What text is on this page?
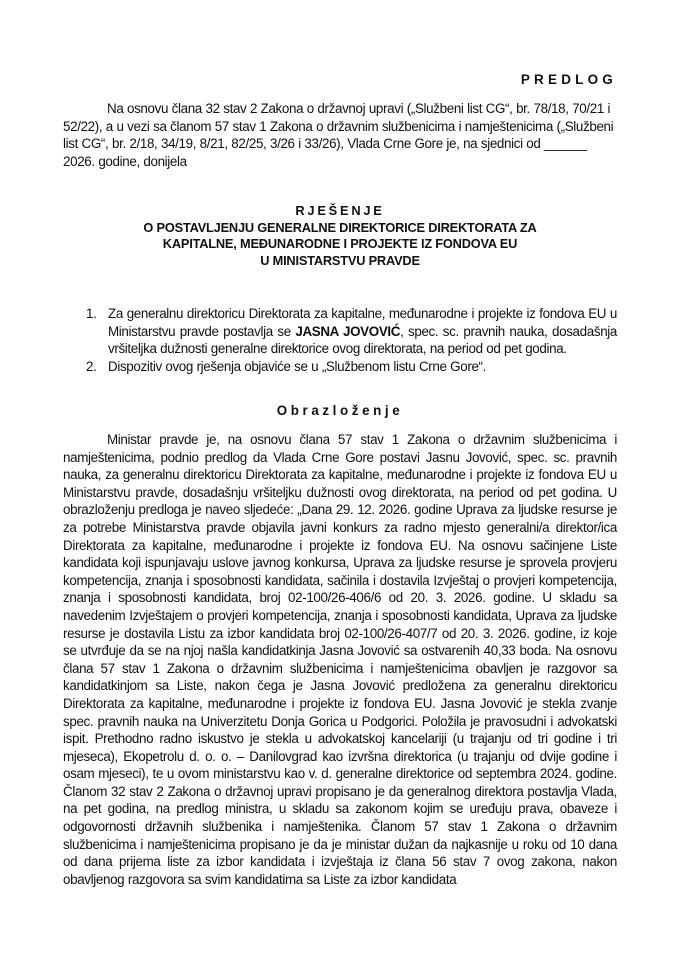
PREDLOG

Na osnovu člana 32 stav 2 Zakona o državnoj upravi („Službeni list CG“, br. 78/18, 70/21 i 52/22), a u vezi sa članom 57 stav 1 Zakona o državnim službenicima i namještenicima („Službeni list CG“, br. 2/18, 34/19, 8/21, 82/25, 3/26 i 33/26), Vlada Crne Gore je, na sjednici od ______ 2026. godine, donijela

RJEŠENJE
O POSTAVLJENJU GENERALNE DIREKTORICE DIREKTORATA ZA
KAPITALNE, MEĐUNARODNE I PROJEKTE IZ FONDOVA EU
U MINISTARSTVU PRAVDE
1. Za generalnu direktoricu Direktorata za kapitalne, međunarodne i projekte iz fondova EU u Ministarstvu pravde postavlja se JASNA JOVOVIĆ, spec. sc. pravnih nauka, dosadašnja vršiteljka dužnosti generalne direktorice ovog direktorata, na period od pet godina.
2. Dispozitiv ovog rješenja objaviće se u „Službenom listu Crne Gore“.
Obrazloženje

Ministar pravde je, na osnovu člana 57 stav 1 Zakona o državnim službenicima i namještenicima, podnio predlog da Vlada Crne Gore postavi Jasnu Jovović, spec. sc. pravnih nauka, za generalnu direktoricu Direktorata za kapitalne, međunarodne i projekte iz fondova EU u Ministarstvu pravde, dosadašnju vršiteljku dužnosti ovog direktorata, na period od pet godina. U obrazloženju predloga je naveo sljedeće: „Dana 29. 12. 2026. godine Uprava za ljudske resurse je za potrebe Ministarstva pravde objavila javni konkurs za radno mjesto generalni/a direktor/ica Direktorata za kapitalne, međunarodne i projekte iz fondova EU. Na osnovu sačinjene Liste kandidata koji ispunjavaju uslove javnog konkursa, Uprava za ljudske resurse je sprovela provjeru kompetencija, znanja i sposobnosti kandidata, sačinila i dostavila Izvještaj o provjeri kompetencija, znanja i sposobnosti kandidata, broj 02-100/26-406/6 od 20. 3. 2026. godine. U skladu sa navedenim Izvještajem o provjeri kompetencija, znanja i sposobnosti kandidata, Uprava za ljudske resurse je dostavila Listu za izbor kandidata broj 02-100/26-407/7 od 20. 3. 2026. godine, iz koje se utvrđuje da se na njoj našla kandidatkinja Jasna Jovović sa ostvarenih 40,33 boda. Na osnovu člana 57 stav 1 Zakona o državnim službenicima i namještenicima obavljen je razgovor sa kandidatkinjom sa Liste, nakon čega je Jasna Jovović predložena za generalnu direktoricu Direktorata za kapitalne, međunarodne i projekte iz fondova EU. Jasna Jovović je stekla zvanje spec. pravnih nauka na Univerzitetu Donja Gorica u Podgorici. Položila je pravosudni i advokatski ispit. Prethodno radno iskustvo je stekla u advokatskoj kancelariji (u trajanju od tri godine i tri mjeseca), Ekopetrolu d. o. o. – Danilovgrad kao izvršna direktorica (u trajanju od dvije godine i osam mjeseci), te u ovom ministarstvu kao v. d. generalne direktorice od septembra 2024. godine. Članom 32 stav 2 Zakona o državnoj upravi propisano je da generalnog direktora postavlja Vlada, na pet godina, na predlog ministra, u skladu sa zakonom kojim se uređuju prava, obaveze i odgovornosti državnih službenika i namještenika. Članom 57 stav 1 Zakona o državnim službenicima i namještenicima propisano je da je ministar dužan da najkasnije u roku od 10 dana od dana prijema liste za izbor kandidata i izvještaja iz člana 56 stav 7 ovog zakona, nakon obavljenog razgovora sa svim kandidatima sa Liste za izbor kandidata
